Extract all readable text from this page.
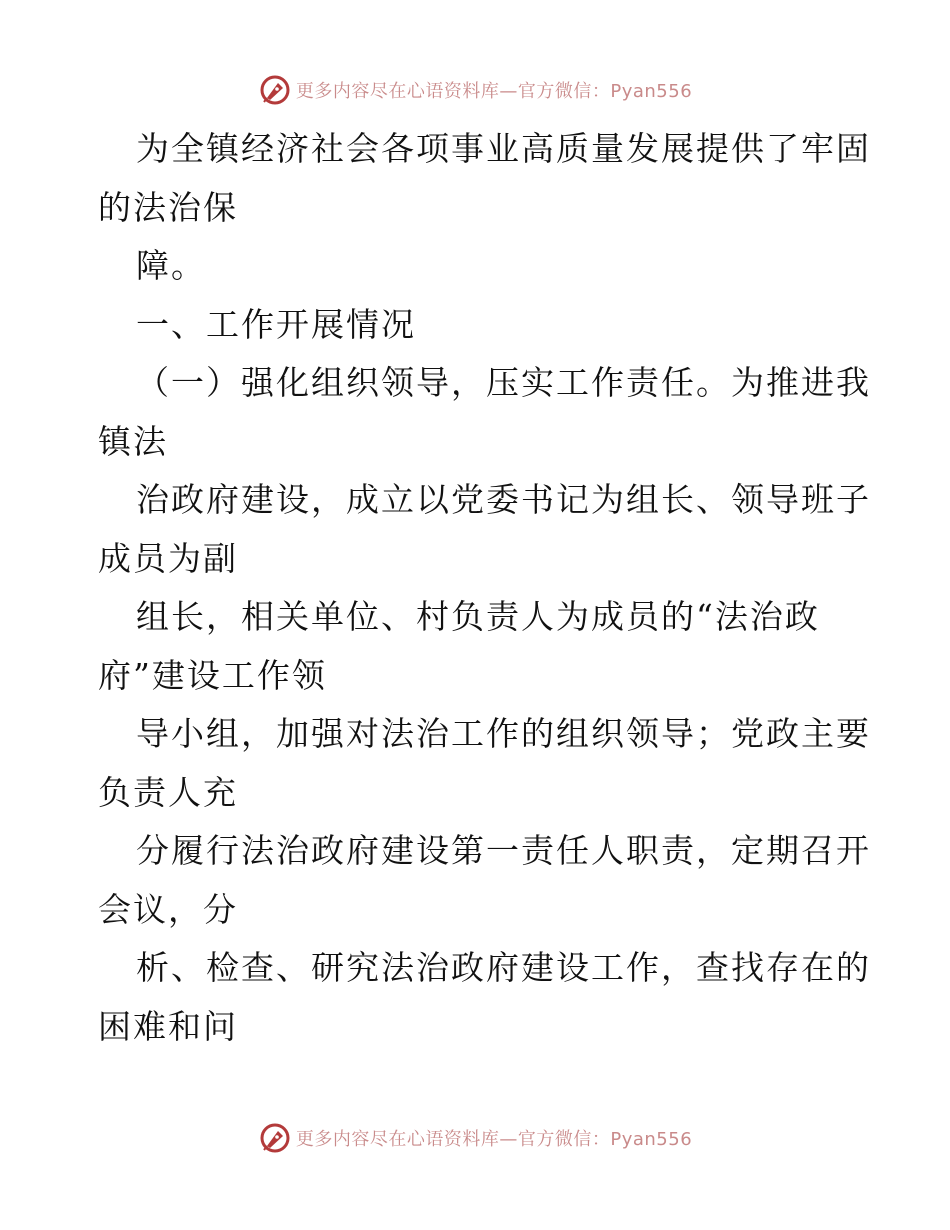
更多内容尽在心语资料库—官方微信：Pyan556
为全镇经济社会各项事业高质量发展提供了牢固
的法治保
障。
一、工作开展情况
（一）强化组织领导，压实工作责任。为推进我
镇法
治政府建设，成立以党委书记为组长、领导班子
成员为副
组长，相关单位、村负责人为成员的“法治政
府”建设工作领
导小组，加强对法治工作的组织领导；党政主要
负责人充
分履行法治政府建设第一责任人职责，定期召开
会议，分
析、检查、研究法治政府建设工作，查找存在的
困难和问
更多内容尽在心语资料库—官方微信：Pyan556
